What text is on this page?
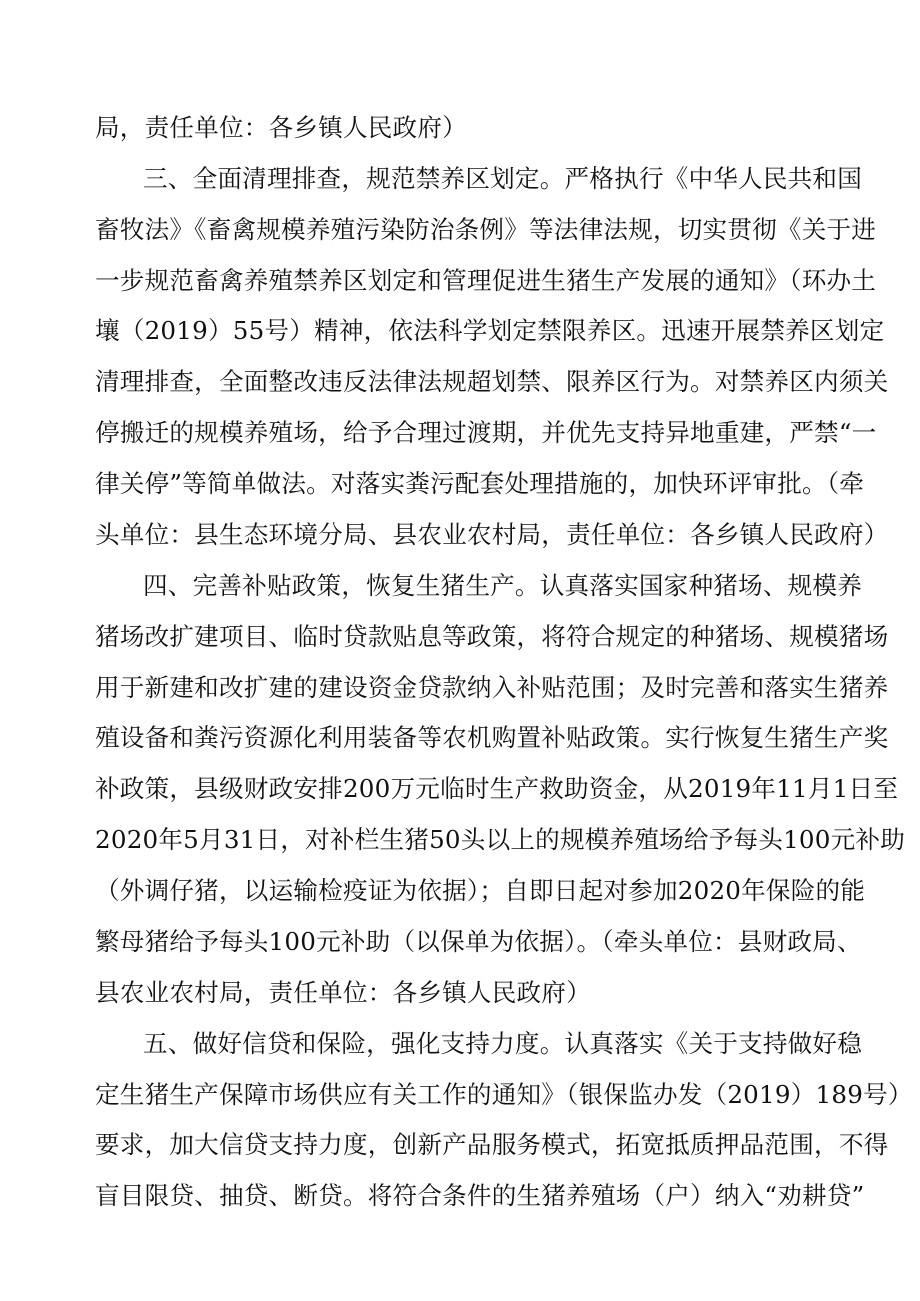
局，责任单位：各乡镇人民政府）
三、全面清理排查，规范禁养区划定。严格执行《中华人民共和国
畜牧法》《畜禽规模养殖污染防治条例》等法律法规，切实贯彻《关于进
一步规范畜禽养殖禁养区划定和管理促进生猪生产发展的通知》（环办土
壤（2019）55号）精神，依法科学划定禁限养区。迅速开展禁养区划定
清理排查，全面整改违反法律法规超划禁、限养区行为。对禁养区内须关
停搬迁的规模养殖场，给予合理过渡期，并优先支持异地重建，严禁“一
律关停”等简单做法。对落实粪污配套处理措施的，加快环评审批。（牵
头单位：县生态环境分局、县农业农村局，责任单位：各乡镇人民政府）
四、完善补贴政策，恢复生猪生产。认真落实国家种猪场、规模养
猪场改扩建项目、临时贷款贴息等政策，将符合规定的种猪场、规模猪场
用于新建和改扩建的建设资金贷款纳入补贴范围；及时完善和落实生猪养
殖设备和粪污资源化利用装备等农机购置补贴政策。实行恢复生猪生产奖
补政策，县级财政安排200万元临时生产救助资金，从2019年11月1日至
2020年5月31日，对补栏生猪50头以上的规模养殖场给予每头100元补助
（外调仔猪，以运输检疫证为依据）；自即日起对参加2020年保险的能
繁母猪给予每头100元补助（以保单为依据）。（牵头单位：县财政局、
县农业农村局，责任单位：各乡镇人民政府）
五、做好信贷和保险，强化支持力度。认真落实《关于支持做好稳
定生猪生产保障市场供应有关工作的通知》（银保监办发（2019）189号）
要求，加大信贷支持力度，创新产品服务模式，拓宽抵质押品范围，不得
盲目限贷、抽贷、断贷。将符合条件的生猪养殖场（户）纳入“劝耕贷”
